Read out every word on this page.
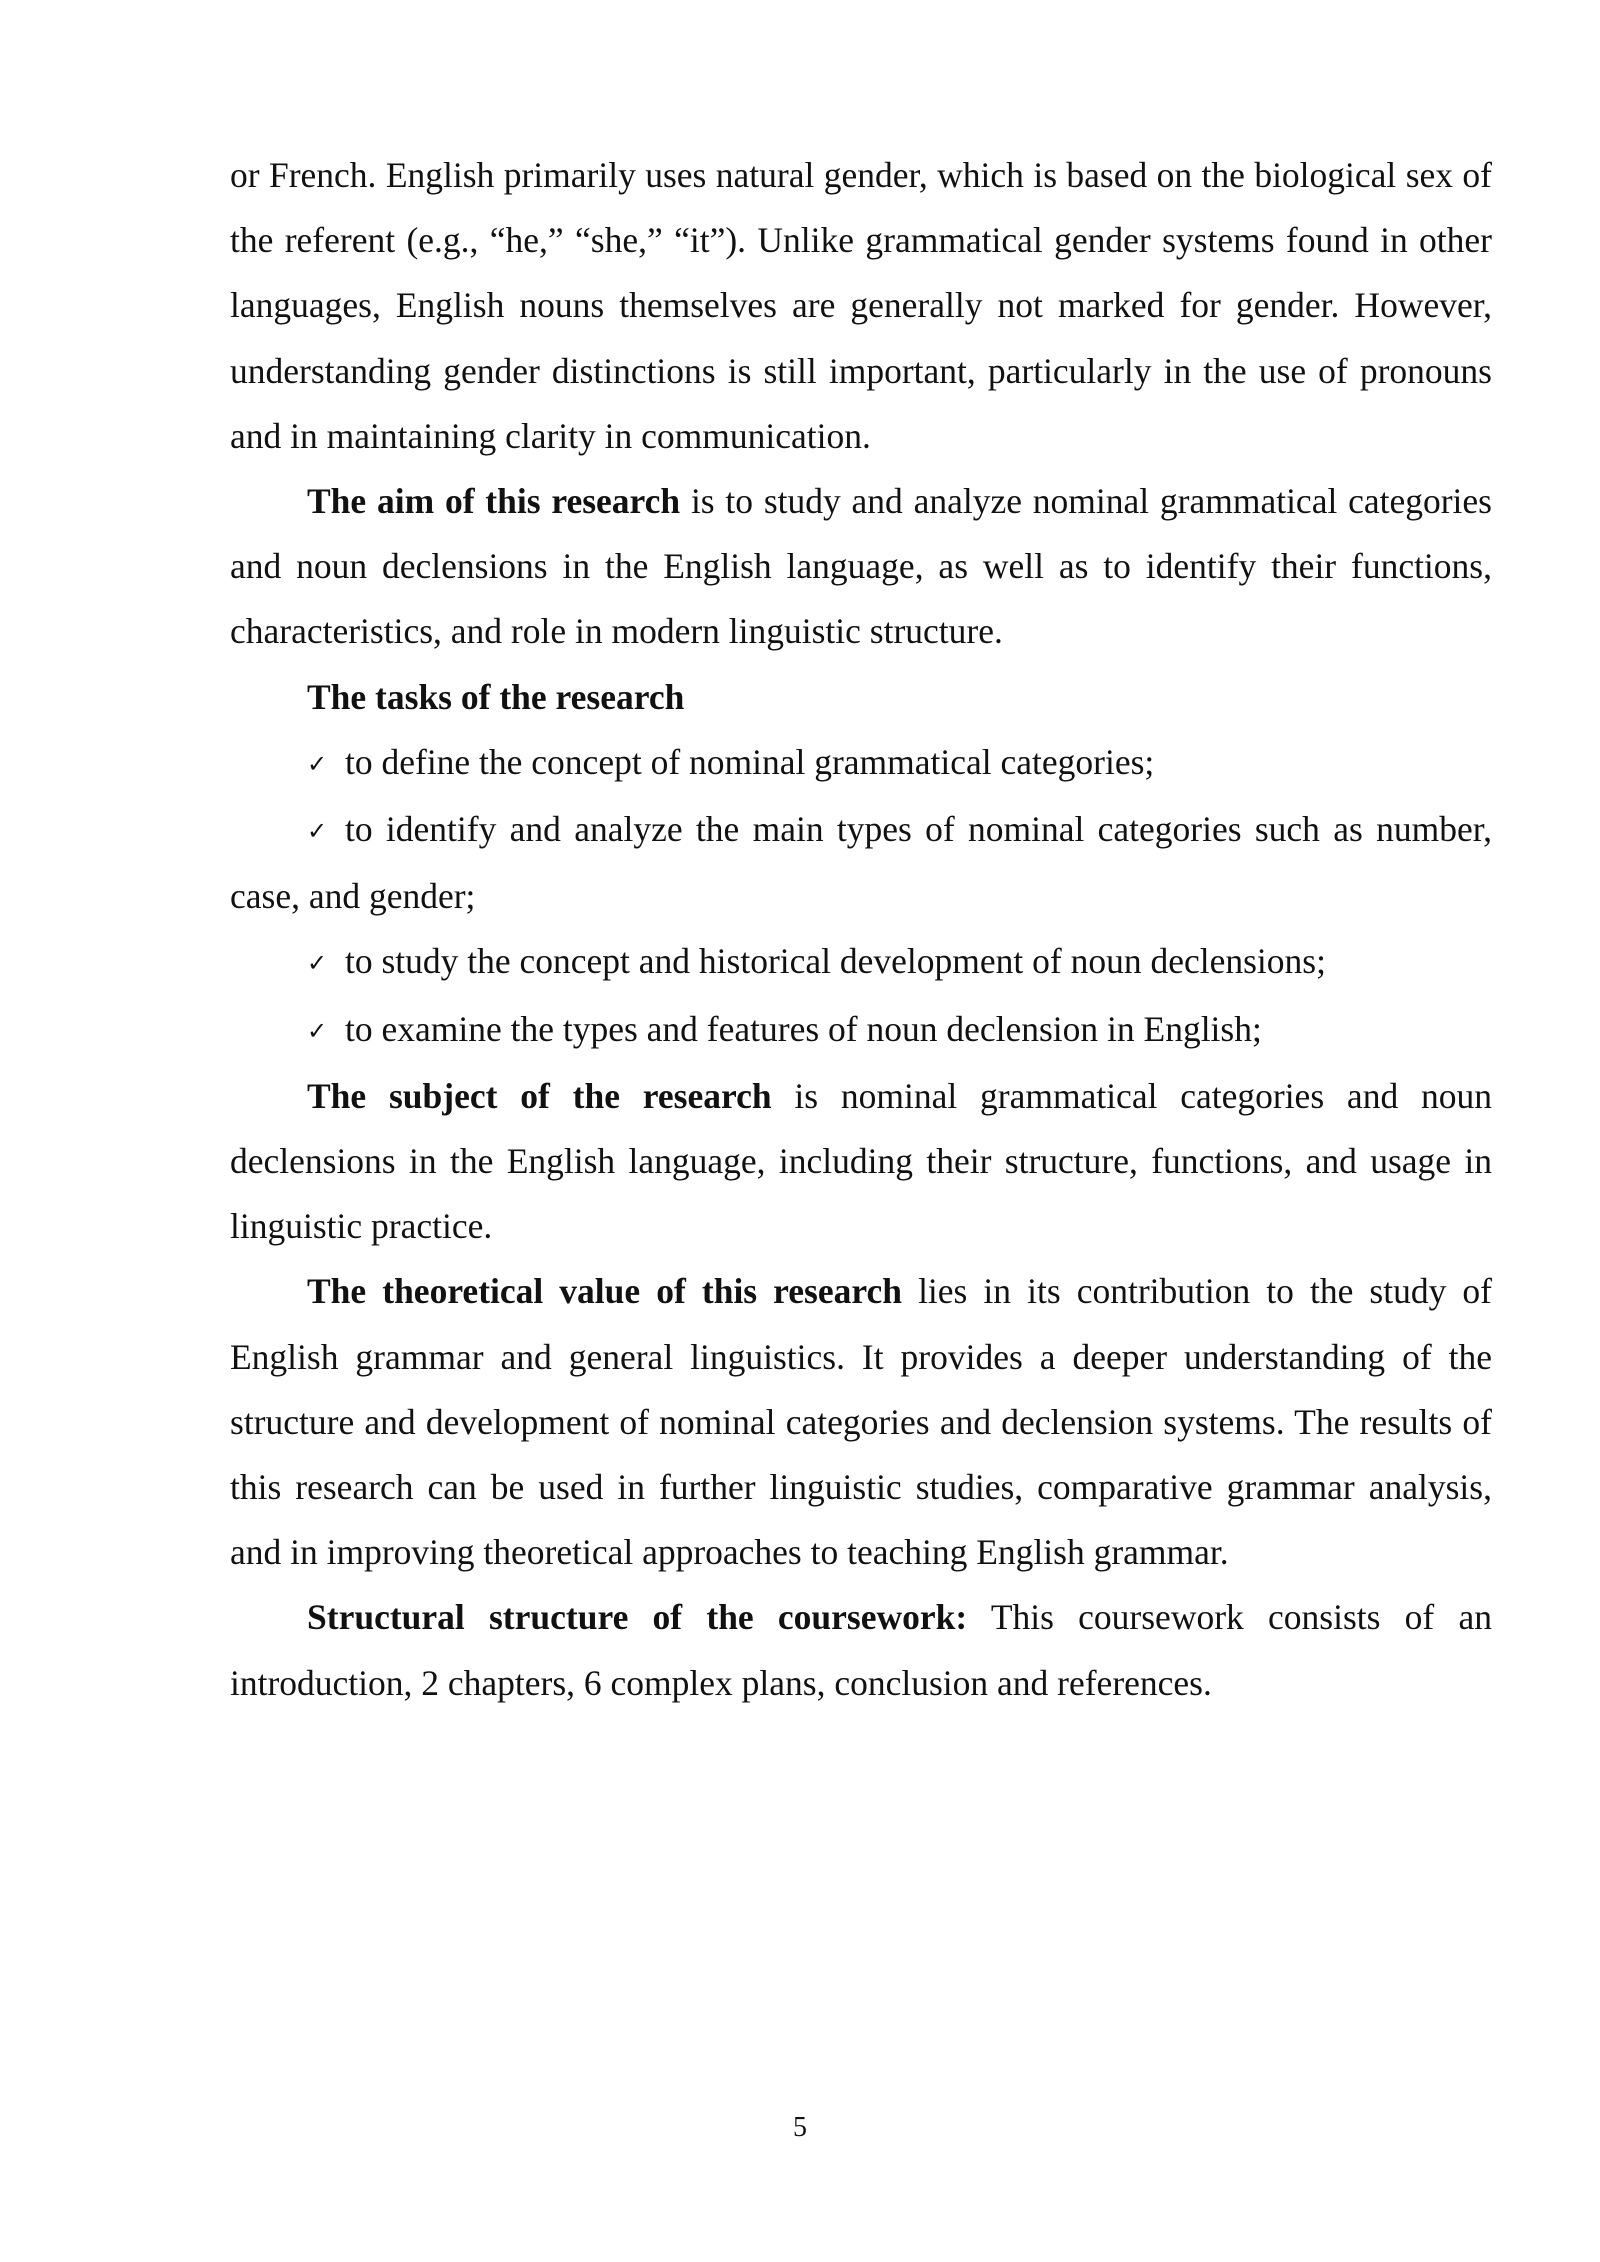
or French. English primarily uses natural gender, which is based on the biological sex of the referent (e.g., “he,” “she,” “it”). Unlike grammatical gender systems found in other languages, English nouns themselves are generally not marked for gender. However, understanding gender distinctions is still important, particularly in the use of pronouns and in maintaining clarity in communication.

The aim of this research is to study and analyze nominal grammatical categories and noun declensions in the English language, as well as to identify their functions, characteristics, and role in modern linguistic structure.

The tasks of the research

✓ to define the concept of nominal grammatical categories;

✓ to identify and analyze the main types of nominal categories such as number, case, and gender;

✓ to study the concept and historical development of noun declensions;

✓ to examine the types and features of noun declension in English;

The subject of the research is nominal grammatical categories and noun declensions in the English language, including their structure, functions, and usage in linguistic practice.

The theoretical value of this research lies in its contribution to the study of English grammar and general linguistics. It provides a deeper understanding of the structure and development of nominal categories and declension systems. The results of this research can be used in further linguistic studies, comparative grammar analysis, and in improving theoretical approaches to teaching English grammar.

Structural structure of the coursework: This coursework consists of an introduction, 2 chapters, 6 complex plans, conclusion and references.

5
